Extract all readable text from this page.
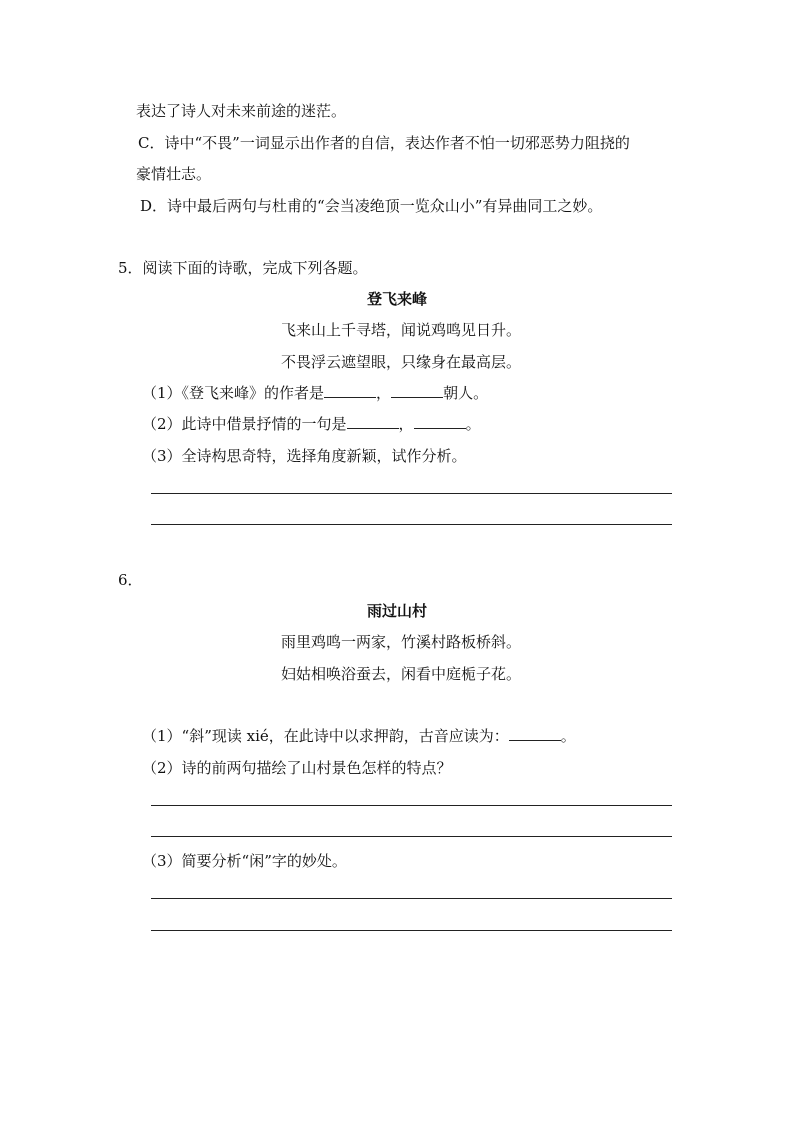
表达了诗人对未来前途的迷茫。
C．诗中“不畏”一词显示出作者的自信，表达作者不怕一切邪恶势力阻挠的
豪情壮志。
D．诗中最后两句与杜甫的“会当凌绝顶一览众山小”有异曲同工之妙。
5．阅读下面的诗歌，完成下列各题。
登飞来峰
飞来山上千寻塔，闻说鸡鸣见日升。
不畏浮云遮望眼，只缘身在最高层。
（1）《登飞来峰》的作者是	，	朝人。
（2）此诗中借景抒情的一句是	，	。
（3）全诗构思奇特，选择角度新颖，试作分析。
6．
雨过山村
雨里鸡鸣一两家，竹溪村路板桥斜。
妇姑相唤浴蚕去，闲看中庭栀子花。
（1）“斜”现读 xié，在此诗中以求押韵，古音应读为：	。
（2）诗的前两句描绘了山村景色怎样的特点？
（3）简要分析“闲”字的妙处。
